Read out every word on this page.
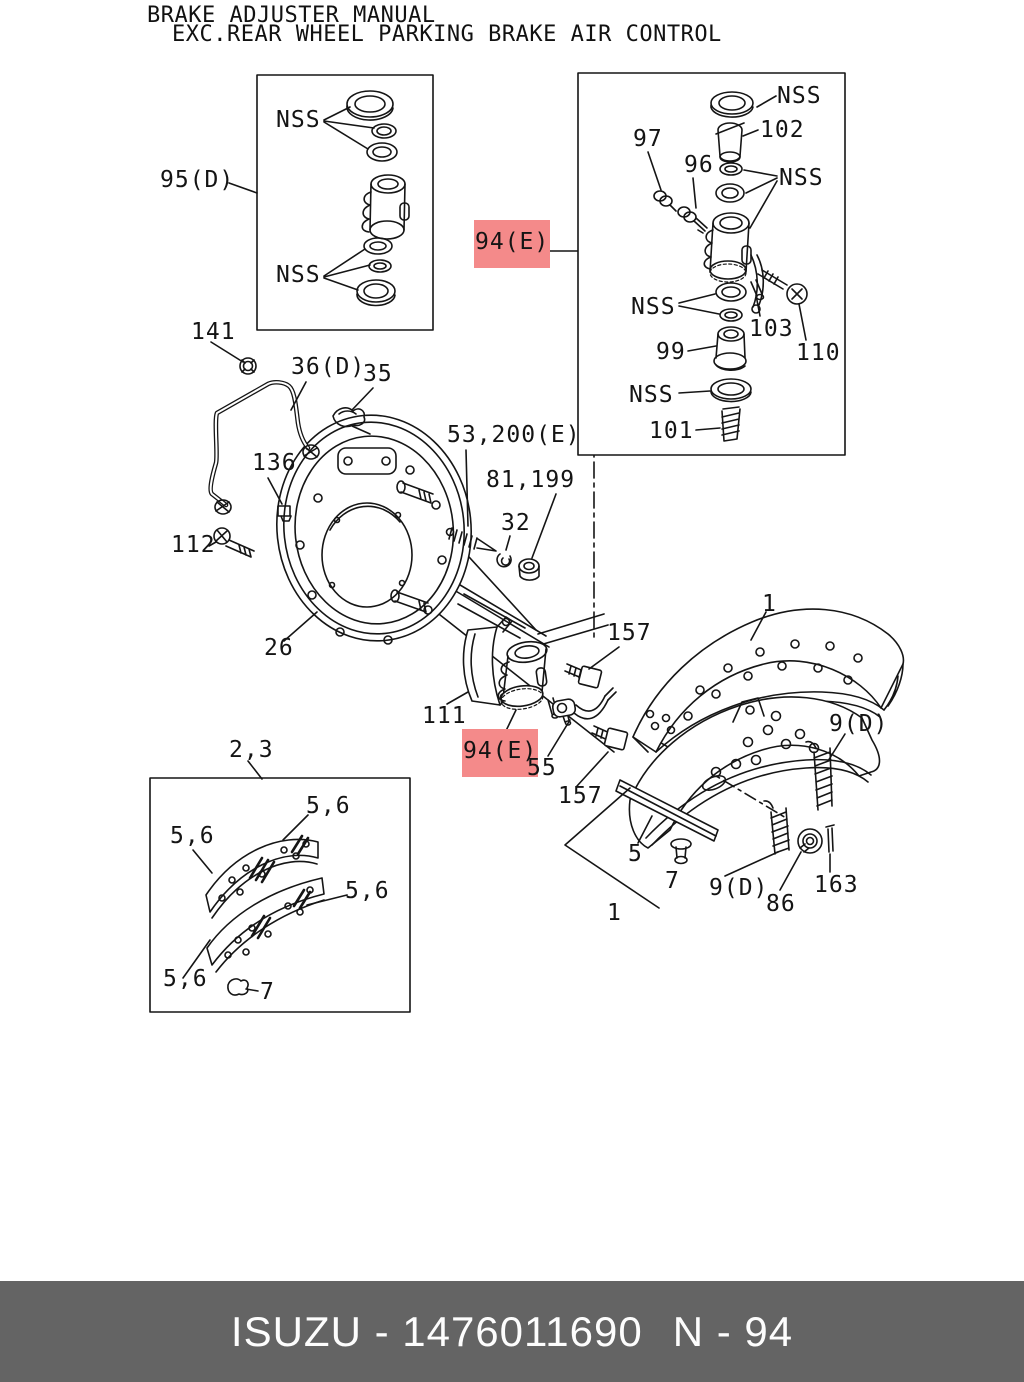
BRAKE ADJUSTER MANUAL
EXC.REAR WHEEL PARKING BRAKE AIR CONTROL
95(D)
NSS
NSS
141
36(D)
35
136
112
26
94(E)
97
96
102
NSS
NSS
NSS
103
99	110
NSS
101
53,200(E)
81,199
32
157
111
94(E)
55
157
1
9(D)
5
7
1
9(D)
86
163
2,3
5,6
5,6
5,6
5,6 7
ISUZU - 1476011690 N - 94
